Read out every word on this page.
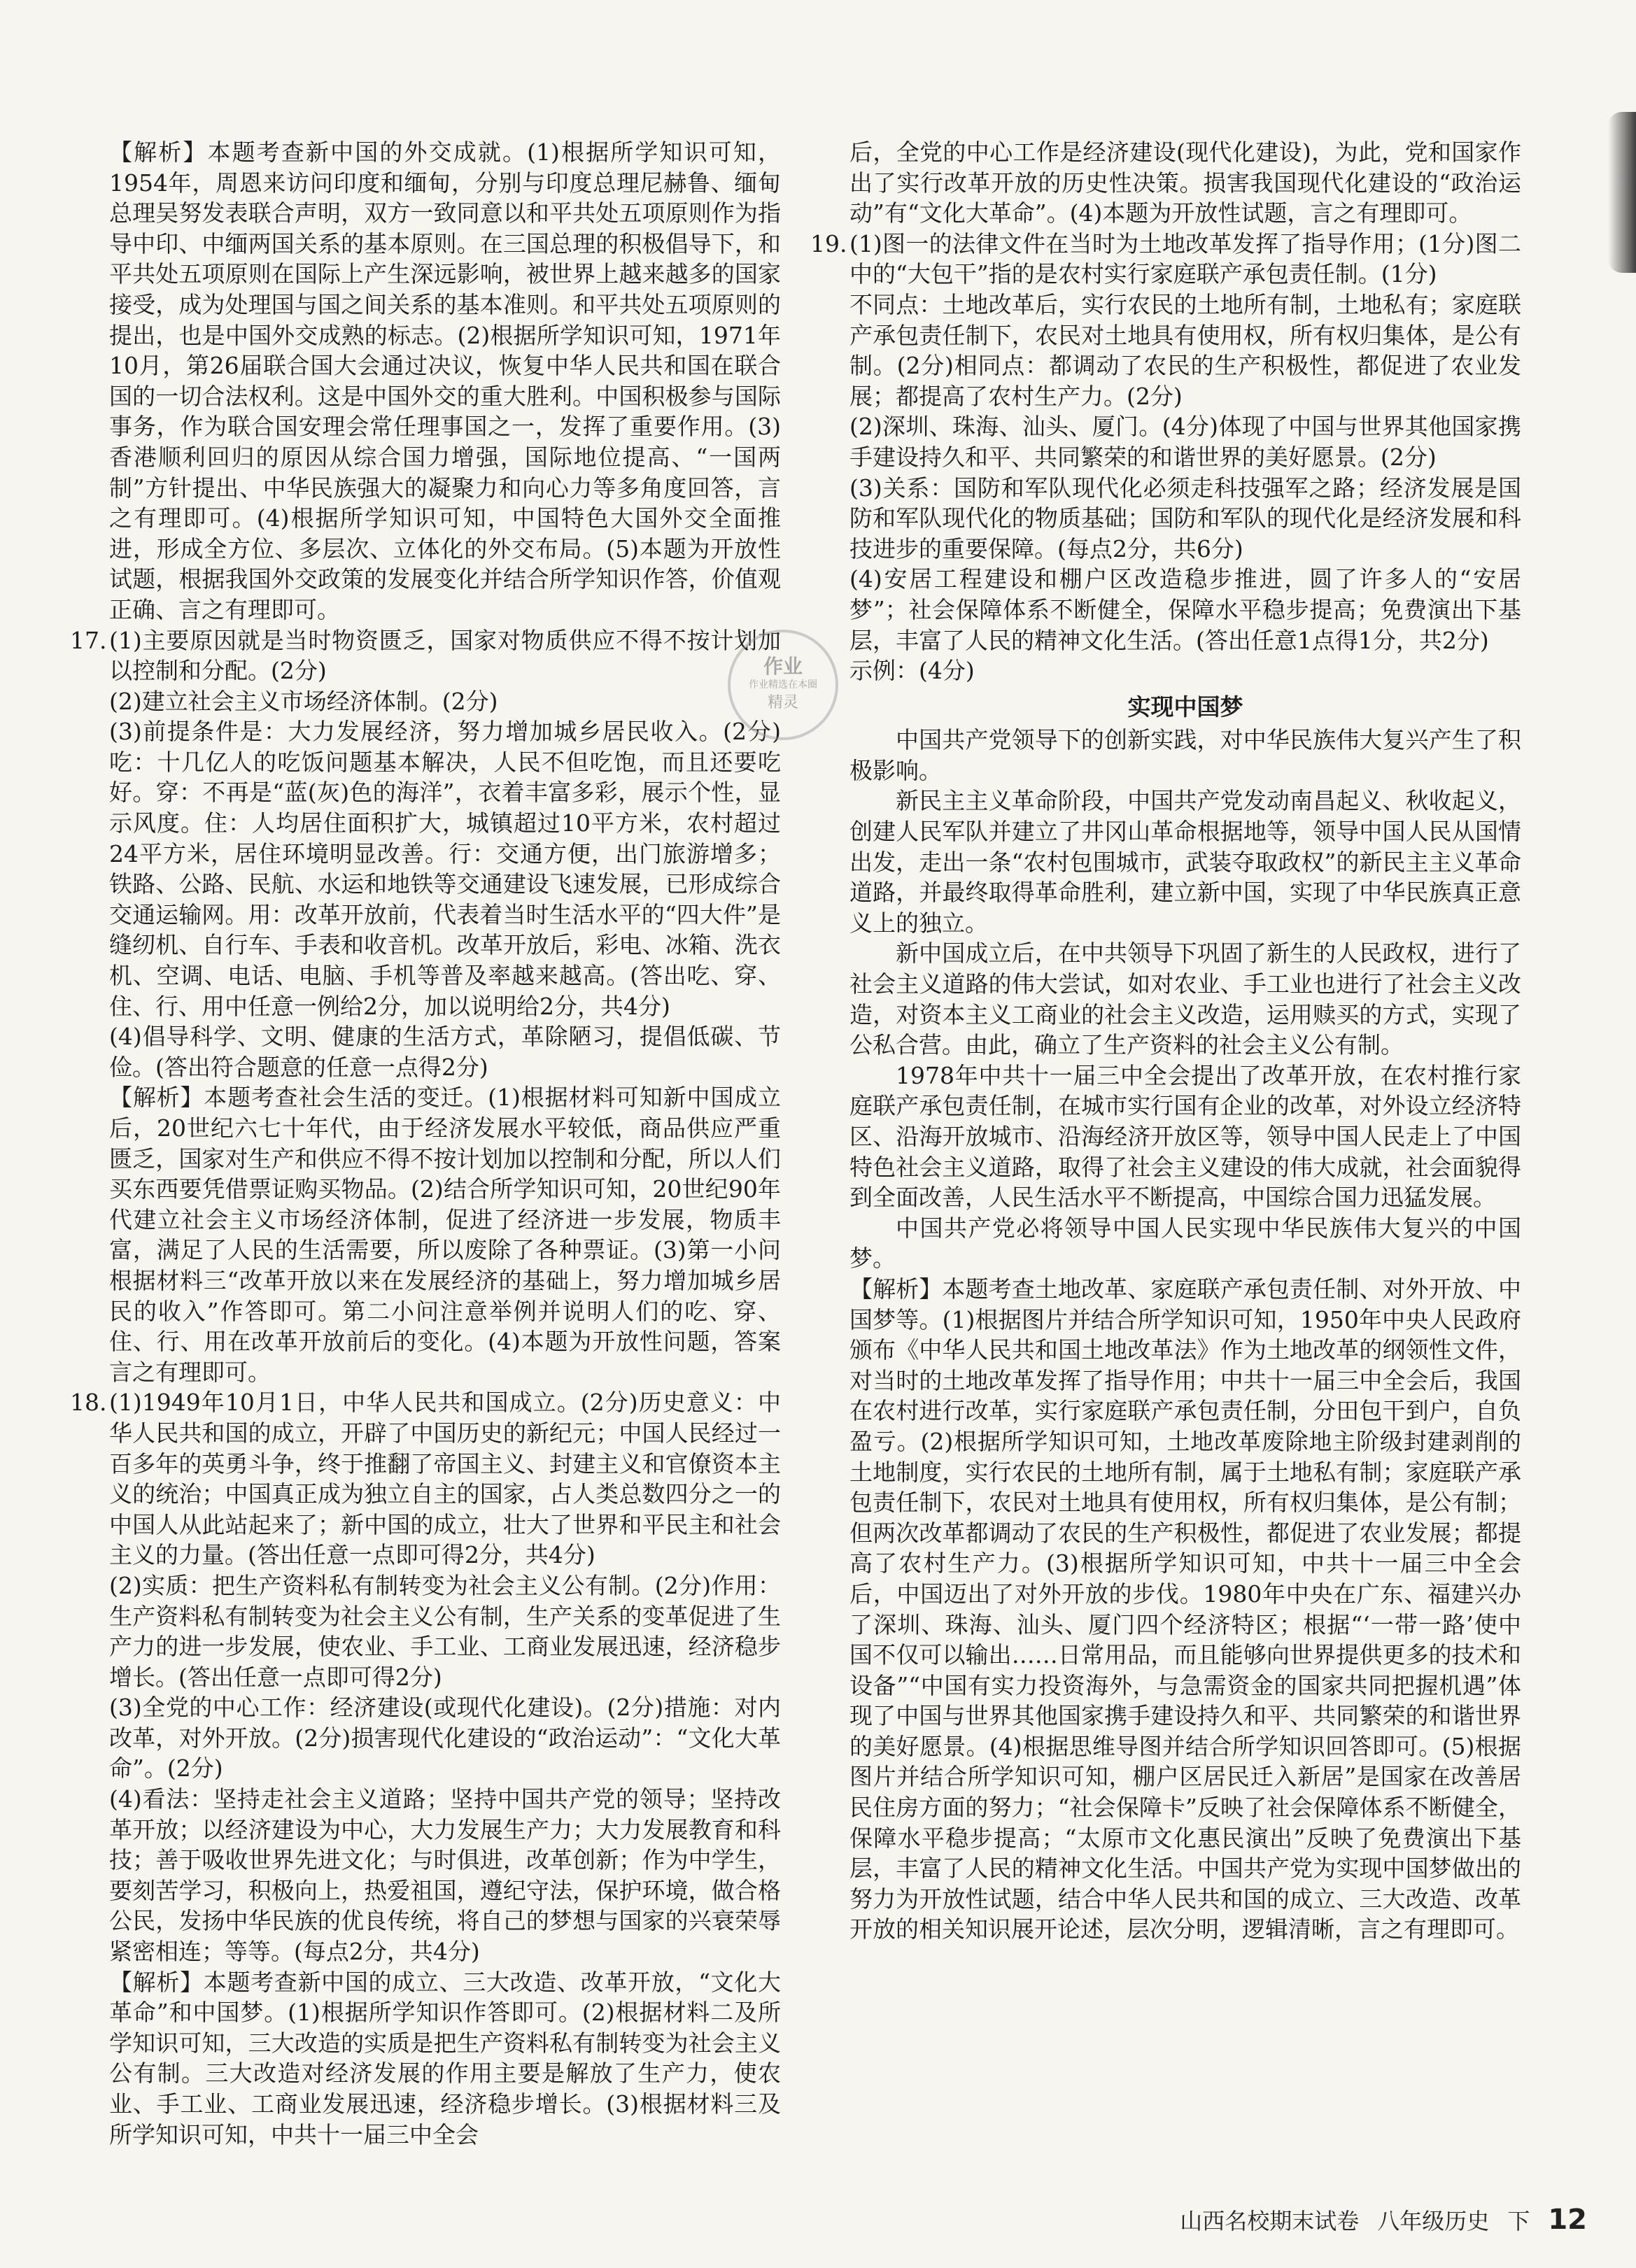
【解析】本题考查新中国的外交成就。(1)根据所学知识可知，1954年，周恩来访问印度和缅甸，分别与印度总理尼赫鲁、缅甸总理吴努发表联合声明，双方一致同意以和平共处五项原则作为指导中印、中缅两国关系的基本原则。在三国总理的积极倡导下，和平共处五项原则在国际上产生深远影响，被世界上越来越多的国家接受，成为处理国与国之间关系的基本准则。和平共处五项原则的提出，也是中国外交成熟的标志。(2)根据所学知识可知，1971年10月，第26届联合国大会通过决议，恢复中华人民共和国在联合国的一切合法权利。这是中国外交的重大胜利。中国积极参与国际事务，作为联合国安理会常任理事国之一，发挥了重要作用。(3)香港顺利回归的原因从综合国力增强，国际地位提高、“一国两制”方针提出、中华民族强大的凝聚力和向心力等多角度回答，言之有理即可。(4)根据所学知识可知，中国特色大国外交全面推进，形成全方位、多层次、立体化的外交布局。(5)本题为开放性试题，根据我国外交政策的发展变化并结合所学知识作答，价值观正确、言之有理即可。

17. (1)主要原因就是当时物资匮乏，国家对物质供应不得不按计划加以控制和分配。(2分)
(2)建立社会主义市场经济体制。(2分)
(3)前提条件是：大力发展经济，努力增加城乡居民收入。(2分)吃：十几亿人的吃饭问题基本解决，人民不但吃饱，而且还要吃好。穿：不再是“蓝(灰)色的海洋”，衣着丰富多彩，展示个性，显示风度。住：人均居住面积扩大，城镇超过10平方米，农村超过24平方米，居住环境明显改善。行：交通方便，出门旅游增多；铁路、公路、民航、水运和地铁等交通建设飞速发展，已形成综合交通运输网。用：改革开放前，代表着当时生活水平的“四大件”是缝纫机、自行车、手表和收音机。改革开放后，彩电、冰箱、洗衣机、空调、电话、电脑、手机等普及率越来越高。(答出吃、穿、住、行、用中任意一例给2分，加以说明给2分，共4分)
(4)倡导科学、文明、健康的生活方式，革除陋习，提倡低碳、节俭。(答出符合题意的任意一点得2分)
【解析】本题考查社会生活的变迁。(1)根据材料可知新中国成立后，20世纪六七十年代，由于经济发展水平较低，商品供应严重匮乏，国家对生产和供应不得不按计划加以控制和分配，所以人们买东西要凭借票证购买物品。(2)结合所学知识可知，20世纪90年代建立社会主义市场经济体制，促进了经济进一步发展，物质丰富，满足了人民的生活需要，所以废除了各种票证。(3)第一小问根据材料三“改革开放以来在发展经济的基础上，努力增加城乡居民的收入”作答即可。第二小问注意举例并说明人们的吃、穿、住、行、用在改革开放前后的变化。(4)本题为开放性问题，答案言之有理即可。

18. (1)1949年10月1日，中华人民共和国成立。(2分)历史意义：中华人民共和国的成立，开辟了中国历史的新纪元；中国人民经过一百多年的英勇斗争，终于推翻了帝国主义、封建主义和官僚资本主义的统治；中国真正成为独立自主的国家，占人类总数四分之一的中国人从此站起来了；新中国的成立，壮大了世界和平民主和社会主义的力量。(答出任意一点即可得2分，共4分)
(2)实质：把生产资料私有制转变为社会主义公有制。(2分)作用：生产资料私有制转变为社会主义公有制，生产关系的变革促进了生产力的进一步发展，使农业、手工业、工商业发展迅速，经济稳步增长。(答出任意一点即可得2分)
(3)全党的中心工作：经济建设(或现代化建设)。(2分)措施：对内改革，对外开放。(2分)损害现代化建设的“政治运动”：“文化大革命”。(2分)
(4)看法：坚持走社会主义道路；坚持中国共产党的领导；坚持改革开放；以经济建设为中心，大力发展生产力；大力发展教育和科技；善于吸收世界先进文化；与时俱进，改革创新；作为中学生，要刻苦学习，积极向上，热爱祖国，遵纪守法，保护环境，做合格公民，发扬中华民族的优良传统，将自己的梦想与国家的兴衰荣辱紧密相连；等等。(每点2分，共4分)
【解析】本题考查新中国的成立、三大改造、改革开放，“文化大革命”和中国梦。(1)根据所学知识作答即可。(2)根据材料二及所学知识可知，三大改造的实质是把生产资料私有制转变为社会主义公有制。三大改造对经济发展的作用主要是解放了生产力，使农业、手工业、工商业发展迅速，经济稳步增长。(3)根据材料三及所学知识可知，中共十一届三中全会

后，全党的中心工作是经济建设(现代化建设)，为此，党和国家作出了实行改革开放的历史性决策。损害我国现代化建设的“政治运动”有“文化大革命”。(4)本题为开放性试题，言之有理即可。

19. (1)图一的法律文件在当时为土地改革发挥了指导作用；(1分)图二中的“大包干”指的是农村实行家庭联产承包责任制。(1分)
不同点：土地改革后，实行农民的土地所有制，土地私有；家庭联产承包责任制下，农民对土地具有使用权，所有权归集体，是公有制。(2分)相同点：都调动了农民的生产积极性，都促进了农业发展；都提高了农村生产力。(2分)
(2)深圳、珠海、汕头、厦门。(4分)体现了中国与世界其他国家携手建设持久和平、共同繁荣的和谐世界的美好愿景。(2分)
(3)关系：国防和军队现代化必须走科技强军之路；经济发展是国防和军队现代化的物质基础；国防和军队的现代化是经济发展和科技进步的重要保障。(每点2分，共6分)
(4)安居工程建设和棚户区改造稳步推进，圆了许多人的“安居梦”；社会保障体系不断健全，保障水平稳步提高；免费演出下基层，丰富了人民的精神文化生活。(答出任意1点得1分，共2分)
示例：(4分)

实现中国梦

中国共产党领导下的创新实践，对中华民族伟大复兴产生了积极影响。

新民主主义革命阶段，中国共产党发动南昌起义、秋收起义，创建人民军队并建立了井冈山革命根据地等，领导中国人民从国情出发，走出一条“农村包围城市，武装夺取政权”的新民主主义革命道路，并最终取得革命胜利，建立新中国，实现了中华民族真正意义上的独立。

新中国成立后，在中共领导下巩固了新生的人民政权，进行了社会主义道路的伟大尝试，如对农业、手工业也进行了社会主义改造，对资本主义工商业的社会主义改造，运用赎买的方式，实现了公私合营。由此，确立了生产资料的社会主义公有制。

1978年中共十一届三中全会提出了改革开放，在农村推行家庭联产承包责任制，在城市实行国有企业的改革，对外设立经济特区、沿海开放城市、沿海经济开放区等，领导中国人民走上了中国特色社会主义道路，取得了社会主义建设的伟大成就，社会面貌得到全面改善，人民生活水平不断提高，中国综合国力迅猛发展。

中国共产党必将领导中国人民实现中华民族伟大复兴的中国梦。

【解析】本题考查土地改革、家庭联产承包责任制、对外开放、中国梦等。(1)根据图片并结合所学知识可知，1950年中央人民政府颁布《中华人民共和国土地改革法》作为土地改革的纲领性文件，对当时的土地改革发挥了指导作用；中共十一届三中全会后，我国在农村进行改革，实行家庭联产承包责任制，分田包干到户，自负盈亏。(2)根据所学知识可知，土地改革废除地主阶级封建剥削的土地制度，实行农民的土地所有制，属于土地私有制；家庭联产承包责任制下，农民对土地具有使用权，所有权归集体，是公有制；但两次改革都调动了农民的生产积极性，都促进了农业发展；都提高了农村生产力。(3)根据所学知识可知，中共十一届三中全会后，中国迈出了对外开放的步伐。1980年中央在广东、福建兴办了深圳、珠海、汕头、厦门四个经济特区；根据“‘一带一路’使中国不仅可以输出……日常用品，而且能够向世界提供更多的技术和设备”“中国有实力投资海外，与急需资金的国家共同把握机遇”体现了中国与世界其他国家携手建设持久和平、共同繁荣的和谐世界的美好愿景。(4)根据思维导图并结合所学知识回答即可。(5)根据图片并结合所学知识可知，棚户区居民迁入新居”是国家在改善居民住房方面的努力；“社会保障卡”反映了社会保障体系不断健全，保障水平稳步提高；“太原市文化惠民演出”反映了免费演出下基层，丰富了人民的精神文化生活。中国共产党为实现中国梦做出的努力为开放性试题，结合中华人民共和国的成立、三大改造、改革开放的相关知识展开论述，层次分明，逻辑清晰，言之有理即可。

作业
作业精选在本圈
精灵
山西名校期末试卷 八年级历史 下 12
